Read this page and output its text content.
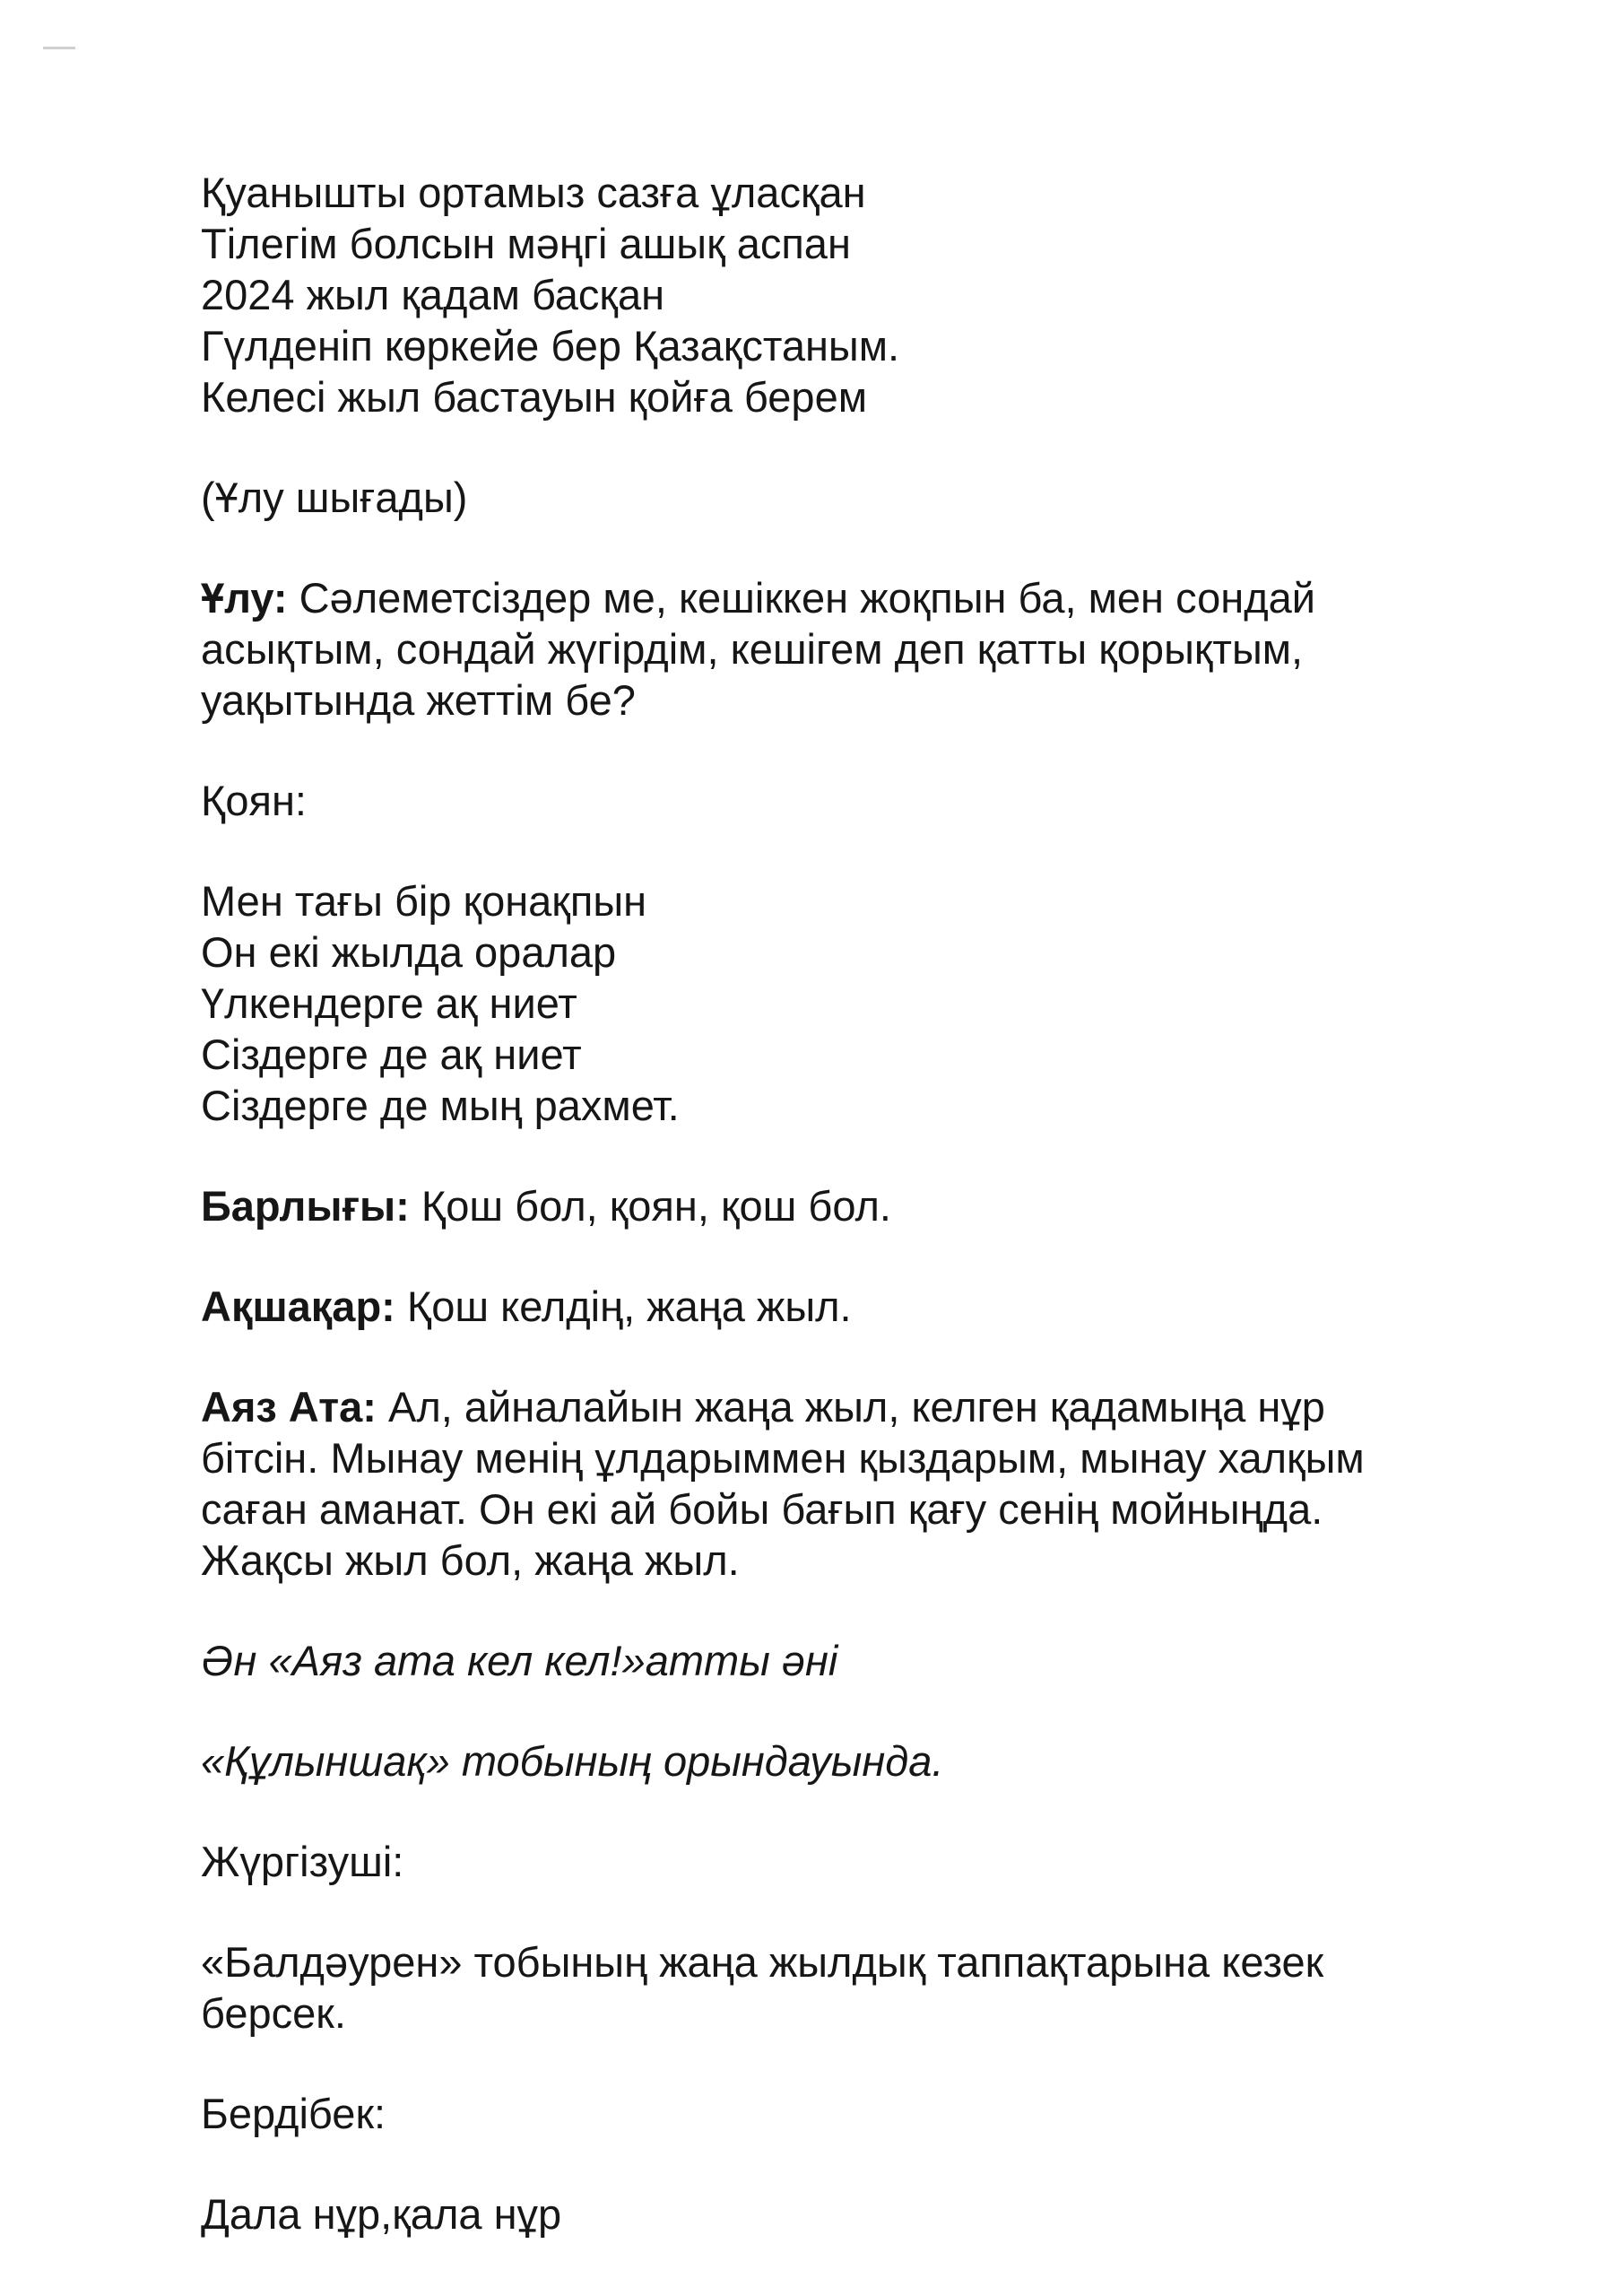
Қуанышты ортамыз сазға ұласқан
Тілегім болсын мәңгі ашық аспан
2024 жыл қадам басқан
Гүлденіп көркейе бер Қазақстаным.
Келесі жыл бастауын қойға берем
(Ұлу шығады)
Ұлу: Сәлеметсіздер ме, кешіккен жоқпын ба, мен сондай
асықтым, сондай жүгірдім, кешігем деп қатты қорықтым,
уақытында жеттім бе?
Қоян:
Мен тағы бір қонақпын
Он екі жылда оралар
Үлкендерге ақ ниет
Сіздерге де ақ ниет
Сіздерге де мың рахмет.
Барлығы: Қош бол, қоян, қош бол.
Ақшақар: Қош келдің, жаңа жыл.
Аяз Ата: Ал, айналайын жаңа жыл, келген қадамыңа нұр
бітсін. Мынау менің ұлдарыммен қыздарым, мынау халқым
саған аманат. Он екі ай бойы бағып қағу сенің мойныңда.
Жақсы жыл бол, жаңа жыл.
Ән «Аяз ата кел кел!»атты әні
«Құлыншақ» тобының орындауында.
Жүргізуші:
«Балдәурен» тобының жаңа жылдық таппақтарына кезек
берсек.
Бердібек:
Дала нұр,қала нұр
